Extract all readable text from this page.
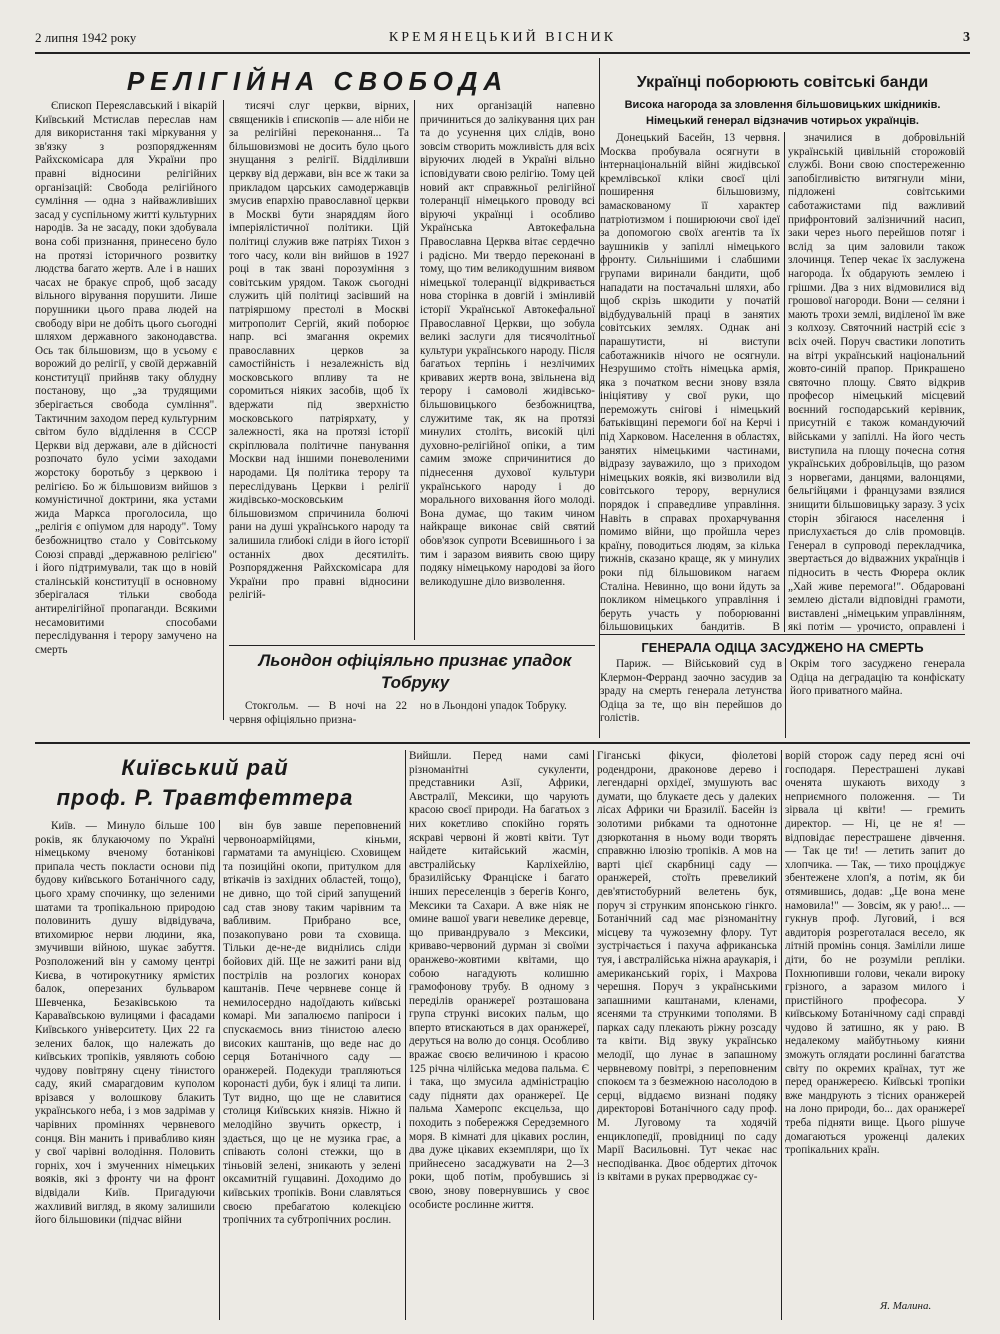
2 липня 1942 року	КРЕМЯНЕЦЬКИЙ ВІСНИК	3
РЕЛІГІЙНА СВОБОДА

Єпископ Переяславський і вікарій Київський Мстислав переслав нам для використання такі міркування у зв'язку з розпорядженням Райхскомісара для України про правні відносини релігійних організацій: Свобода релігійного сумління — одна з найважливіших засад у суспільному житті культурних народів. За не засаду, поки здобувала вона собі признання, принесено було на протязі історичного розвитку людства багато жертв. Але і в наших часах не бракує спроб, щоб засаду вільного вірування порушити. Лише порушники цього права людей на свободу віри не добіть цього сьогодні шляхом державного законодавства. Ось так більшовизм, що в усьому є ворожий до релігії, у своїй державній конституції прийняв таку облудну постанову, що „за трудящими зберігається свобода сумління". Тактичним заходом перед культурним світом було відділення в СССР Церкви від держави, але в дійсності розпочато було усіми заходами жорстоку боротьбу з церквою і релігією. Бо ж більшовизм вийшов з комуністичної доктрини, яка устами жида Маркса проголосила, що „релігія є опіумом для народу". Тому безбожництво стало у Совітському Союзі справді „державною релігією" і його підтримували, так що в новій сталінській конституції в основному зберігалася тільки свобода антирелігійної пропаганди. Всякими несамовитими способами переслідування і терору замучено на смерть

тисячі слуг церкви, вірних, священиків і єпископів — але ніби не за релігійні переконання... Та більшовизмові не досить було цього знущання з релігії. Відділивши церкву від держави, він все ж таки за прикладом царських самодержавців змусив епархію православної церкви в Москві бути знаряддям його імперіялістичної політики. Цій політиці служив вже патріях Тихон з того часу, коли він вийшов в 1927 році в так звані порозуміння з совітським урядом. Також сьогодні служить цій політиці засівший на патріяршому престолі в Москві митрополит Сергій, який поборює напр. всі змагання окремих православних церков за самостійність і незалежність від московського впливу та не соромиться ніяких засобів, щоб їх вдержати під зверхністю московського патріярхату, у залежності, яка на протязі історії скріплювала політичне панування Москви над іншими поневоленими народами. Ця політика терору та переслідувань Церкви і релігії жидівсько-московським більшовизмом спричинила болючі рани на душі українського народу та залишила глибокі сліди в його історії останніх двох десятиліть. Розпорядження Райхскомісара для України про правні відносини релігій-

них організацій напевно причиниться до залікування цих ран та до усунення цих слідів, воно зовсім створить можливість для всіх віруючих людей в Україні вільно ісповідувати свою релігію. Тому цей новий акт справжньої релігійної толеранції німецького проводу всі віруючі українці і особливо Українська Автокефальна Православна Церква вітає сердечно і радісно. Ми твердо переконані в тому, що тим великодушним виявом німецької толеранції відкривається нова сторінка в довгій і змінливій історії Української Автокефальної Православної Церкви, що зобула великі заслуги для тисячолітньої культури українського народу. Після багатьох терпінь і незлічимих кривавих жертв вона, звільнена від терору і самоволі жидівсько-більшовицького безбожництва, служитиме так, як на протязі минулих століть, високій цілі духовно-релігійної опіки, а тим самим зможе спричинитися до піднесення духової культури українського народу і до морального виховання його молоді. Вона думає, що таким чином найкраще виконає свій святий обов'язок супроти Всевишнього і за тим і заразом виявить свою щиру подяку німецькому народові за його великодушне діло визволення.

Льондон офіціяльно признає упадок Тобруку

Стокгольм. — В ночі на 22 червня офіціяльно призна-

но в Льондоні упадок Тобруку.

Українці поборюють совітські банди
Висока нагорода за зловлення більшовицьких шкідників.
Німецький генерал відзначив чотирьох українців.

Донецький Басейн, 13 червня. Москва пробувала осягнути в інтернаціональній війні жидівської кремлівської кліки своєї цілі поширення більшовизму, замаскованому її характер патріотизмом і поширюючи свої ідеї за допомогою своїх агентів та їх заушників у запіллі німецького фронту. Сильнішими і слабшими групами виринали бандити, щоб нападати на постачальні шляхи, або щоб скрізь шкодити у початій відбудувальній праці в занятих совітських землях. Однак ані парашутисти, ні виступи саботажників нічого не осягнули. Незрушимо стоїть німецька армія, яка з початком весни знову взяла ініціятиву у свої руки, що переможуть снігові і німецький батьківщині перемоги бої на Керчі і під Харковом. Населення в областях, занятих німецькими частинами, відразу зауважило, що з приходом німецьких вояків, які визволили від совітського терору, вернулися порядок і справедливе управління. Навіть в справах прохарчування помимо війни, що пройшла через країну, поводиться людям, за кілька тижнів, сказано краще, як у минулих роки під більшовиком нагаєм Сталіна. Невинно, що вони йдуть за покликом німецького управління і беруть участь у поборюванні більшовицьких бандитів. В

значилися в добровільній українській цивільній сторожовій службі. Вони свою спостереженню запобігливістю витягнули міни, підложені совітськими саботажистами під важливий прифронтовий залізничний насип, заки через нього перейшов потяг і вслід за цим заловили також злочинця. Тепер чекає їх заслужена нагорода. Їх обдарують землею і грішми. Два з них відмовилися від грошової нагороди. Вони — селяни і мають трохи землі, виділеної їм вже з колхозу. Святочний настрій єсіє з всіх очей. Поруч свастики лопотить на вітрі український національний жовто-синій прапор. Прикрашено святочно площу. Свято відкрив професор німецький місцевий воєнний господарський керівник, присутній є також командуючий військами у запіллі. На його честь виступила на площу почесна сотня українських добровільців, що разом з норвегами, данцями, валонцями, бельгійцями і французами взялися знищити більшовицьку заразу. З усіх сторін збігаюся населення і прислухається до слів промовців. Генерал в супроводі перекладчика, звертається до відважних українців і підносить в честь Фюрера оклик „Хай живе перемога!". Обдаровані землею дістали відповідні грамоти, виставлені „німецьким управлінням, які потім — урочисто, оправлені і

ГЕНЕРАЛА ОДІЦА ЗАСУДЖЕНО НА СМЕРТЬ

Париж. — Військовий суд в Клермон-Ферранд заочно засудив за зраду на смерть генерала летунства Одіца за те, що він перейшов до голістів.

Окрім того засуджено генерала Одіца на деградацію та конфіскату його приватного майна.

Київський рай
проф. Р. Травтфеттера

Київ. — Минуло більше 100 років, як блукаючому по Україні німецькому вченому ботанікові припала честь покласти основи під будову київського Ботанічного саду, цього храму спочинку, що зеленими шатами та тропікальною природою половинить душу відвідувача, втихомирює нерви людини, яка, змучивши війною, шукає забуття. Розположений він у самому центрі Києва, в чотирокутнику ярмістих балок, оперезаних бульваром Шевченка, Безаківською та Караваївською вулицями і фасадами Київського університету. Цих 22 га зелених балок, що належать до київських тропіків, уявляють собою чудову повітряну сцену тінистого саду, який смарагдовим куполом врізався у волошкову блакить українського неба, і з мов задрімав у чарівних проміннях червневого сонця. Він манить і привабливо киян у свої чарівні володіння. Половить горніх, хоч і змученних німецьких вояків, які з фронту чи на фронт відвідали Київ. Пригадуючи жахливий вигляд, в якому залишили його більшовики (підчас війни

він був завше переповнений червоноармійцями, кіньми, гарматами та амуніцією. Сховищем та позиційні окопи, притулком для втікачів із західних областей, тощо), не дивно, що той сірий запущений сад став знову таким чарівним та вабливим. Прибрано все, позакопувано рови та сховища. Тільки де-не-де виднілись сліди бойових дій. Ще не зажиті рани від пострілів на розлогих конорах каштанів. Пече червневе сонце й немилосердно надоїдають київські комарі. Ми запалюємо папіроси і спускаємось вниз тінистою алеєю високих каштанів, що веде нас до серця Ботанічного саду — оранжерей. Подекуди трапляються коронасті дуби, бук і ялиці та липи. Тут видно, що ще не славитися столиця Київських князів. Ніжно й мелодійно звучить оркестр, і здається, що це не музика грає, а співають солоні стежки, що в тіньовій зелені, зникають у зелені оксамитній гущавині. Доходимо до київських тропіків. Вони славляться своєю пребагатою колекцією тропічних та субтропічних рослин.

Вийшли. Перед нами самі різноманітні сукуленти, представники Азії, Африки, Австралії, Мексики, що чарують красою своєї природи. На багатьох з них кокетливо спокійно горять яскраві червоні й жовті квіти. Тут найдете китайський жасмін, австралійську Карліхейлію, бразилійську Франціске і багато інших переселенців з берегів Конго, Мексики та Сахари. А вже ніяк не омине вашої уваги невелике деревце, що привандрувало з Мексики, криваво-червоний дурман зі своїми оранжево-жовтими квітами, що собою нагадують колишню грамофонову трубу. В одному з переділів оранжереї розташована група стрункі високих пальм, що вперто втискаються в дах оранжереї, деруться на волю до сонця. Особливо вражає своєю величиною і красою 125 річна чілійська медова пальма. Є і така, що змусила адміністрацію саду підняти дах оранжереї. Це пальма Хамеропс ексцельза, що походить з побережжя Середземного моря. В кімнаті для цікавих рослин, два дуже цікавих екземпляри, що їх прийнесено засаджувати на 2—3 роки, щоб потім, пробувшись зі свою, знову повернувшись у своє особисте рослинне життя.

Гіганські фікуси, фіолетові родендрони, драконове дерево і легендарні орхідеї, змушують вас думати, що блукаєте десь у далеких лісах Африки чи Бразилії. Басейн із золотими рибками та однотонне дзюркотання в ньому води творять справжню ілюзію тропіків. А мов на варті цієї скарбниці саду — оранжерей, стоїть превеликий дев'ятистобурний велетень бук, поруч зі струнким японською гінкго. Ботанічний сад має різноманітну місцеву та чужоземну флору. Тут зустрічається і пахуча африканська туя, і австралійська ніжна араукарія, і американський горіх, і Махрова черешня. Поруч з українськими запашними каштанами, кленами, ясенями та стрункими тополями. В парках саду плекають ріжну розсаду та квіти. Від звуку українсько мелодії, що лунає в запашному червневому повітрі, з переповненим спокоєм та з безмежною насолодою в серці, віддаємо визнані подяку директорові Ботанічного саду проф. М. Луговому та ходячій енциклопедії, провідниці по саду Марії Васильовні. Тут чекає нас несподіванка. Двоє обдертих діточок із квітами в руках прерводжає су-

ворій сторож саду перед ясні очі господаря. Перестрашені лукаві оченята шукають виходу з неприємного положення. — Ти зірвала ці квіти! — гремить директор. — Ні, це не я! — відповідає перестрашене дівчення. — Так це ти! — летить запит до хлопчика. — Так, — тихо проціджує збентежене хлоп'я, а потім, як би отямившись, додав: „Це вона мене намовила!" — Зовсім, як у раю!... — гукнув проф. Луговий, і вся авдиторія розреготалася весело, як літній промінь сонця. Заміліли лише діти, бо не розуміли репліки. Похнюпивши голови, чекали вироку грізного, а заразом милого і пристійного професора. У київському Ботанічному саді справді чудово й затишно, як у раю. В недалекому майбутньому кияни зможуть оглядати рослинні багатства світу по окремих країнах, тут же перед оранжереєю. Київські тропіки вже мандрують з тісних оранжерей на лоно природи, бо... дах оранжереї треба підняти вище. Цього рішуче домагаються уроженці далеких тропікальних країн.

Я. Малина.
